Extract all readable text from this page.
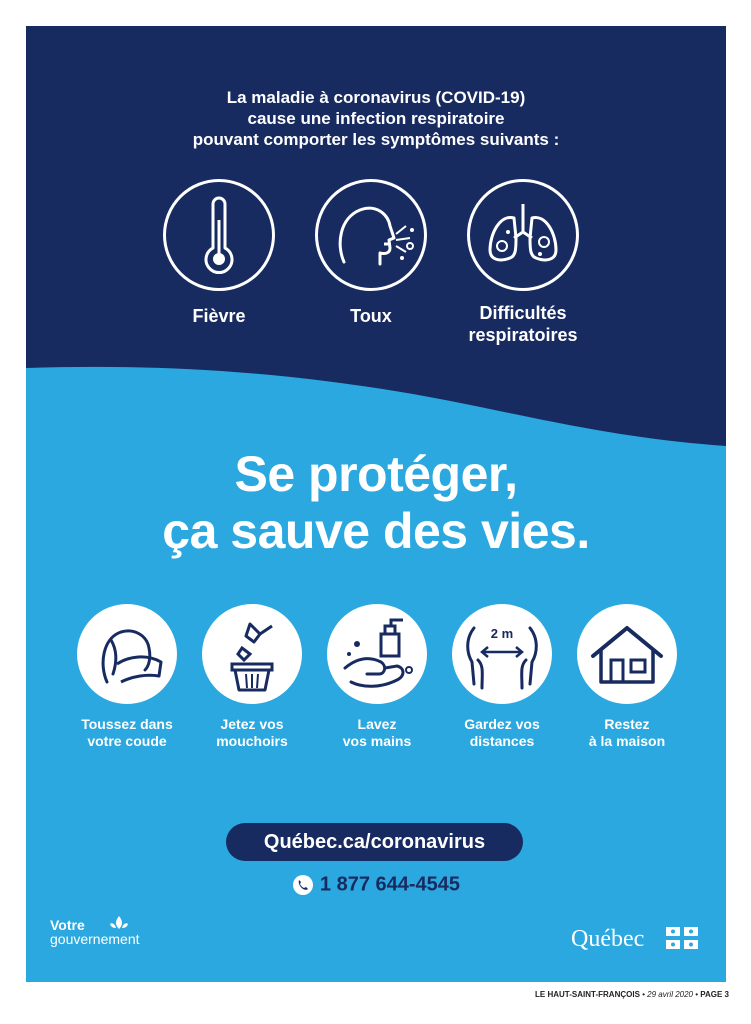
La maladie à coronavirus (COVID-19)
cause une infection respiratoire
pouvant comporter les symptômes suivants :
Fièvre	Toux	Difficultés
respiratoires
Se protéger,
ça sauve des vies.
2 m
Toussez dans
votre coude
Jetez vos
mouchoirs
Lavez
vos mains
Gardez vos
distances
Restez
à la maison
Québec.ca/coronavirus
1 877 644-4545
Votre
gouvernement	Québec
LE HAUT-SAINT-FRANÇOIS • 29 avril 2020 • PAGE 3
